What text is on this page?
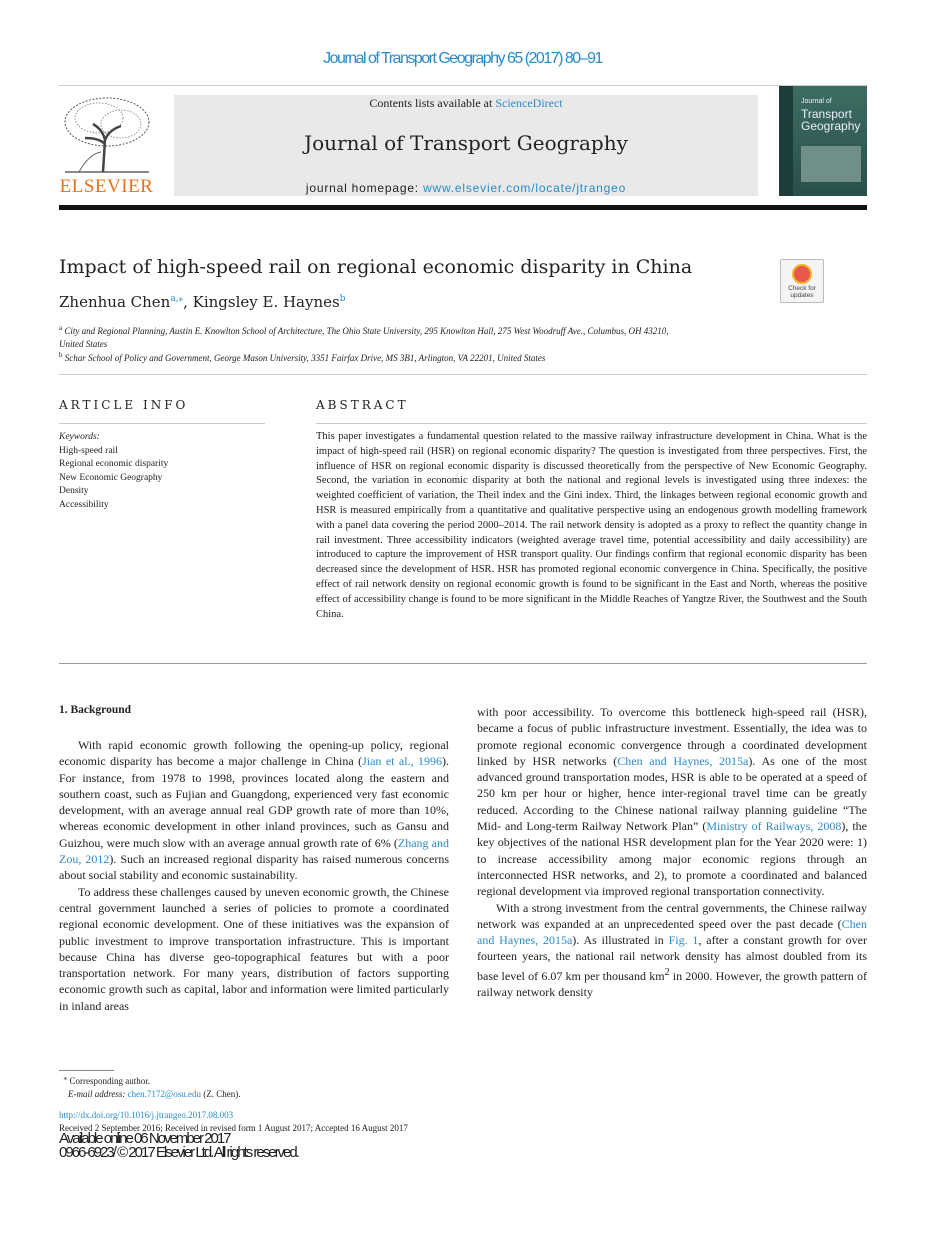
Journal of Transport Geography 65 (2017) 80–91
ELSEVIER
Contents lists available at ScienceDirect
Journal of Transport Geography
journal homepage: www.elsevier.com/locate/jtrangeo
Journal of
Transport
Geography
Impact of high-speed rail on regional economic disparity in China
Check for updates
Zhenhua Chen$^{a,⁎}$, Kingsley E. Haynes$^b$
$^a$ City and Regional Planning, Austin E. Knowlton School of Architecture, The Ohio State University, 295 Knowlton Hall, 275 West Woodruff Ave., Columbus, OH 43210,
United States
$^b$ Schar School of Policy and Government, George Mason University, 3351 Fairfax Drive, MS 3B1, Arlington, VA 22201, United States
ARTICLE INFO	ABSTRACT
Keywords:
High-speed rail
Regional economic disparity
New Economic Geography
Density
Accessibility
This paper investigates a fundamental question related to the massive railway infrastructure development in China. What is the impact of high-speed rail (HSR) on regional economic disparity? The question is investigated from three perspectives. First, the influence of HSR on regional economic disparity is discussed theoretically from the perspective of New Economic Geography. Second, the variation in economic disparity at both the national and regional levels is investigated using three indexes: the weighted coefficient of variation, the Theil index and the Gini index. Third, the linkages between regional economic growth and HSR is measured empirically from a quantitative and qualitative perspective using an endogenous growth modelling framework with a panel data covering the period 2000–2014. The rail network density is adopted as a proxy to reflect the quantity change in rail investment. Three accessibility indicators (weighted average travel time, potential accessibility and daily accessibility) are introduced to capture the improvement of HSR transport quality. Our findings confirm that regional economic disparity has been decreased since the development of HSR. HSR has promoted regional economic convergence in China. Specifically, the positive effect of rail network density on regional economic growth is found to be significant in the East and North, whereas the positive effect of accessibility change is found to be more significant in the Middle Reaches of Yangtze River, the Southwest and the South China.
1. Background

With rapid economic growth following the opening-up policy, regional economic disparity has become a major challenge in China (Jian et al., 1996). For instance, from 1978 to 1998, provinces located along the eastern and southern coast, such as Fujian and Guangdong, experienced very fast economic development, with an average annual real GDP growth rate of more than 10%, whereas economic development in other inland provinces, such as Gansu and Guizhou, were much slow with an average annual growth rate of 6% (Zhang and Zou, 2012). Such an increased regional disparity has raised numerous concerns about social stability and economic sustainability.

To address these challenges caused by uneven economic growth, the Chinese central government launched a series of policies to promote a coordinated regional economic development. One of these initiatives was the expansion of public investment to improve transportation infrastructure. This is important because China has diverse geo-topographical features but with a poor transportation network. For many years, distribution of factors supporting economic growth such as capital, labor and information were limited particularly in inland areas

with poor accessibility. To overcome this bottleneck high-speed rail (HSR), became a focus of public infrastructure investment. Essentially, the idea was to promote regional economic convergence through a coordinated development linked by HSR networks (Chen and Haynes, 2015a). As one of the most advanced ground transportation modes, HSR is able to be operated at a speed of 250 km per hour or higher, hence inter-regional travel time can be greatly reduced. According to the Chinese national railway planning guideline “The Mid- and Long-term Railway Network Plan” (Ministry of Railways, 2008), the key objectives of the national HSR development plan for the Year 2020 were: 1) to increase accessibility among major economic regions through an interconnected HSR networks, and 2), to promote a coordinated and balanced regional development via improved regional transportation connectivity.

With a strong investment from the central governments, the Chinese railway network was expanded at an unprecedented speed over the past decade (Chen and Haynes, 2015a). As illustrated in Fig. 1, after a constant growth for over fourteen years, the national rail network density has almost doubled from its base level of 6.07 km per thousand $km^2$ in 2000. However, the growth pattern of railway network density

⁎ Corresponding author.
E-mail address: chen.7172@osu.edu (Z. Chen).
http://dx.doi.org/10.1016/j.jtrangeo.2017.08.003
Received 2 September 2016; Received in revised form 1 August 2017; Accepted 16 August 2017
Available online 06 November 2017
0966-6923/ © 2017 Elsevier Ltd. All rights reserved.
